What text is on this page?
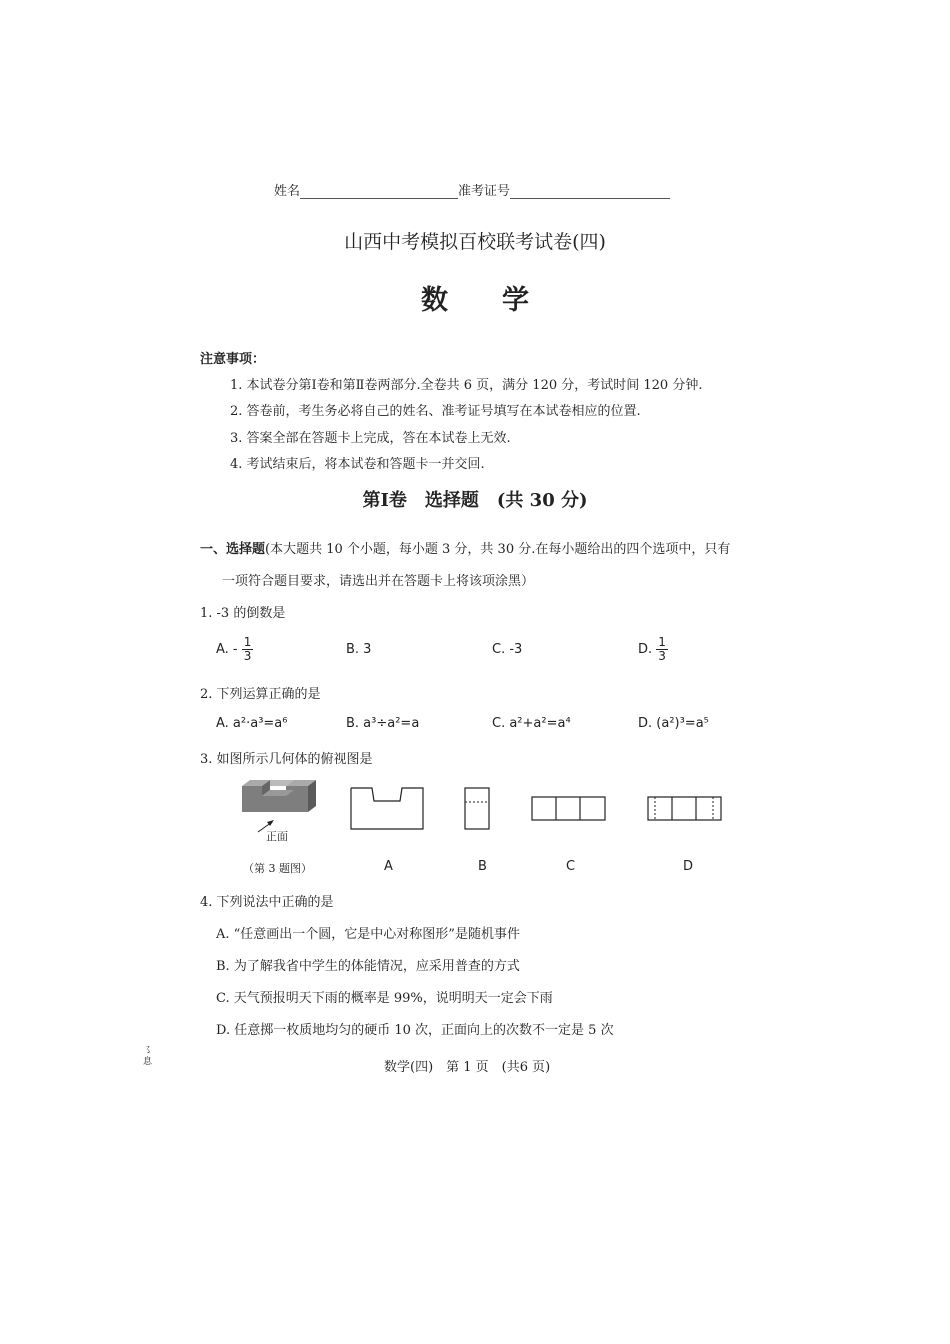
姓名	准考证号
山西中考模拟百校联考试卷(四)
数　　学
注意事项：
1. 本试卷分第Ⅰ卷和第Ⅱ卷两部分.全卷共 6 页，满分 120 分，考试时间 120 分钟.
2. 答卷前，考生务必将自己的姓名、准考证号填写在本试卷相应的位置.
3. 答案全部在答题卡上完成，答在本试卷上无效.
4. 考试结束后，将本试卷和答题卡一并交回.
第Ⅰ卷　选择题　(共 30 分)
一、选择题(本大题共 10 个小题，每小题 3 分，共 30 分.在每小题给出的四个选项中，只有
一项符合题目要求，请选出并在答题卡上将该项涂黑）
1. -3 的倒数是
A. - $\frac{1}{3}$	B. 3	C. -3	D. $\frac{1}{3}$
2. 下列运算正确的是
A. a²·a³=a⁶	B. a³÷a²=a	C. a²+a²=a⁴	D. (a²)³=a⁵
3. 如图所示几何体的俯视图是
正面
（第 3 题图）	A	B	C	D
4. 下列说法中正确的是
A. “任意画出一个圆，它是中心对称图形”是随机事件
B. 为了解我省中学生的体能情况，应采用普查的方式
C. 天气预报明天下雨的概率是 99%，说明明天一定会下雨
D. 任意掷一枚质地均匀的硬币 10 次，正面向上的次数不一定是 5 次
㇌
息	数学(四)　第 1 页　(共6 页)
